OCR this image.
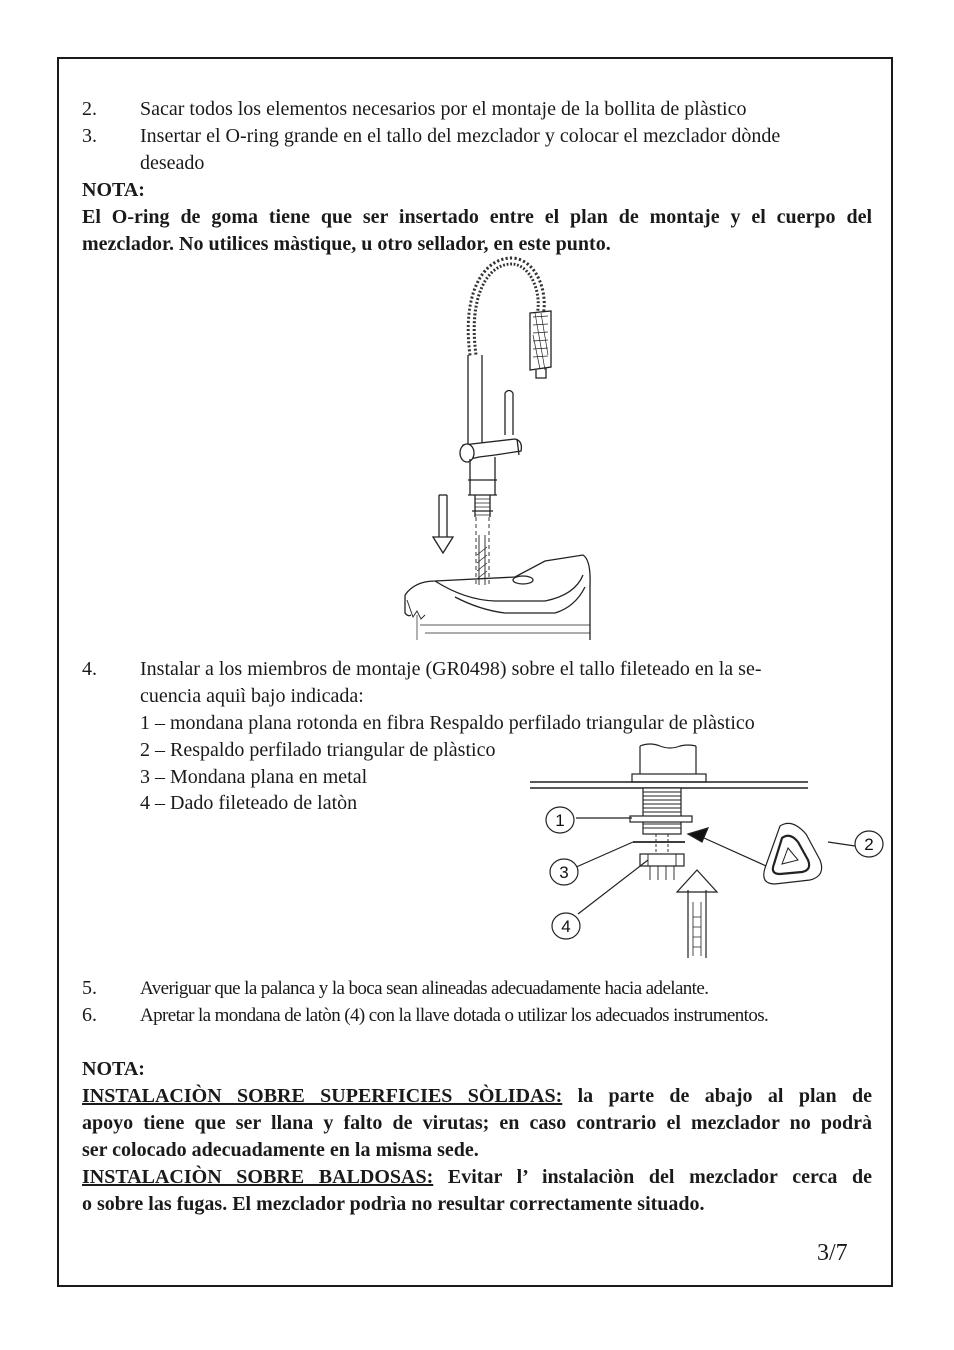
2. Sacar todos los elementos necesarios por el montaje de la bollita de plàstico
3. Insertar el O-ring grande en el tallo del mezclador y colocar el mezclador dònde
deseado
NOTA:
El O-ring de goma tiene que ser insertado entre el plan de montaje y el cuerpo del
mezclador. No utilices màstique, u otro sellador, en este punto.
4. Instalar a los miembros de montaje (GR0498) sobre el tallo fileteado en la se-
cuencia aquiì bajo indicada:
1 – mondana plana rotonda en fibra Respaldo perfilado triangular de plàstico
2 – Respaldo perfilado triangular de plàstico
3 – Mondana plana en metal
4 – Dado fileteado de latòn
1
2
3
4
5. Averiguar que la palanca y la boca sean alineadas adecuadamente hacia adelante.
6. Apretar la mondana de latòn (4) con la llave dotada o utilizar los adecuados instrumentos.
NOTA:
INSTALACIÒN SOBRE SUPERFICIES SÒLIDAS: la parte de abajo al plan de
apoyo tiene que ser llana y falto de virutas; en caso contrario el mezclador no podrà
ser colocado adecuadamente en la misma sede.
INSTALACIÒN SOBRE BALDOSAS: Evitar l’ instalaciòn del mezclador cerca de
o sobre las fugas. El mezclador podrìa no resultar correctamente situado.
3/7
